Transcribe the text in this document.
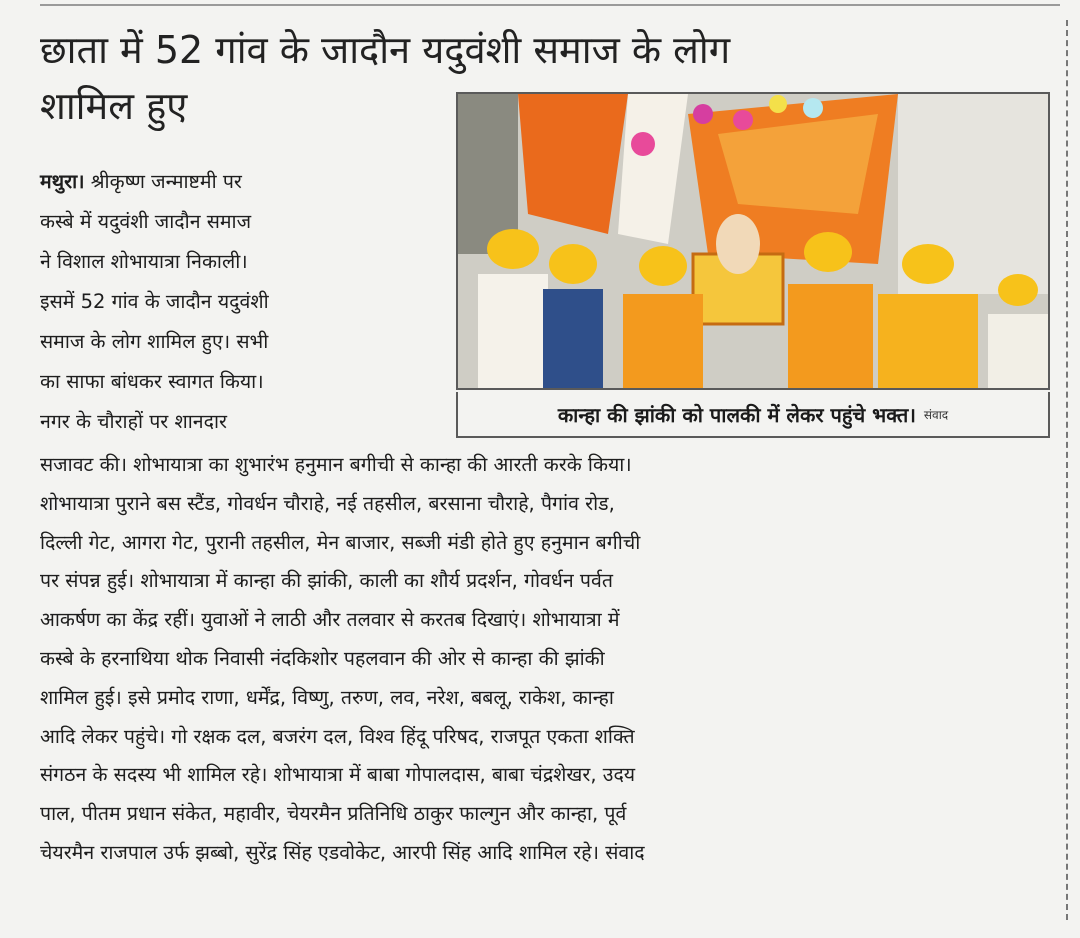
छाता में 52 गांव के जादौन यदुवंशी समाज के लोग
शामिल हुए
कान्हा की झांकी को पालकी में लेकर पहुंचे भक्त। संवाद

मथुरा। श्रीकृष्ण जन्माष्टमी पर

कस्बे में यदुवंशी जादौन समाज

ने विशाल शोभायात्रा निकाली।

इसमें 52 गांव के जादौन यदुवंशी

समाज के लोग शामिल हुए। सभी

का साफा बांधकर स्वागत किया।

नगर के चौराहों पर शानदार

सजावट की। शोभायात्रा का शुभारंभ हनुमान बगीची से कान्हा की आरती करके किया।

शोभायात्रा पुराने बस स्टैंड, गोवर्धन चौराहे, नई तहसील, बरसाना चौराहे, पैगांव रोड,

दिल्ली गेट, आगरा गेट, पुरानी तहसील, मेन बाजार, सब्जी मंडी होते हुए हनुमान बगीची

पर संपन्न हुई। शोभायात्रा में कान्हा की झांकी, काली का शौर्य प्रदर्शन, गोवर्धन पर्वत

आकर्षण का केंद्र रहीं। युवाओं ने लाठी और तलवार से करतब दिखाएं। शोभायात्रा में

कस्बे के हरनाथिया थोक निवासी नंदकिशोर पहलवान की ओर से कान्हा की झांकी

शामिल हुई। इसे प्रमोद राणा, धर्मेंद्र, विष्णु, तरुण, लव, नरेश, बबलू, राकेश, कान्हा

आदि लेकर पहुंचे। गो रक्षक दल, बजरंग दल, विश्व हिंदू परिषद, राजपूत एकता शक्ति

संगठन के सदस्य भी शामिल रहे। शोभायात्रा में बाबा गोपालदास, बाबा चंद्रशेखर, उदय

पाल, पीतम प्रधान संकेत, महावीर, चेयरमैन प्रतिनिधि ठाकुर फाल्गुन और कान्हा, पूर्व

चेयरमैन राजपाल उर्फ झब्बो, सुरेंद्र सिंह एडवोकेट, आरपी सिंह आदि शामिल रहे। संवाद
